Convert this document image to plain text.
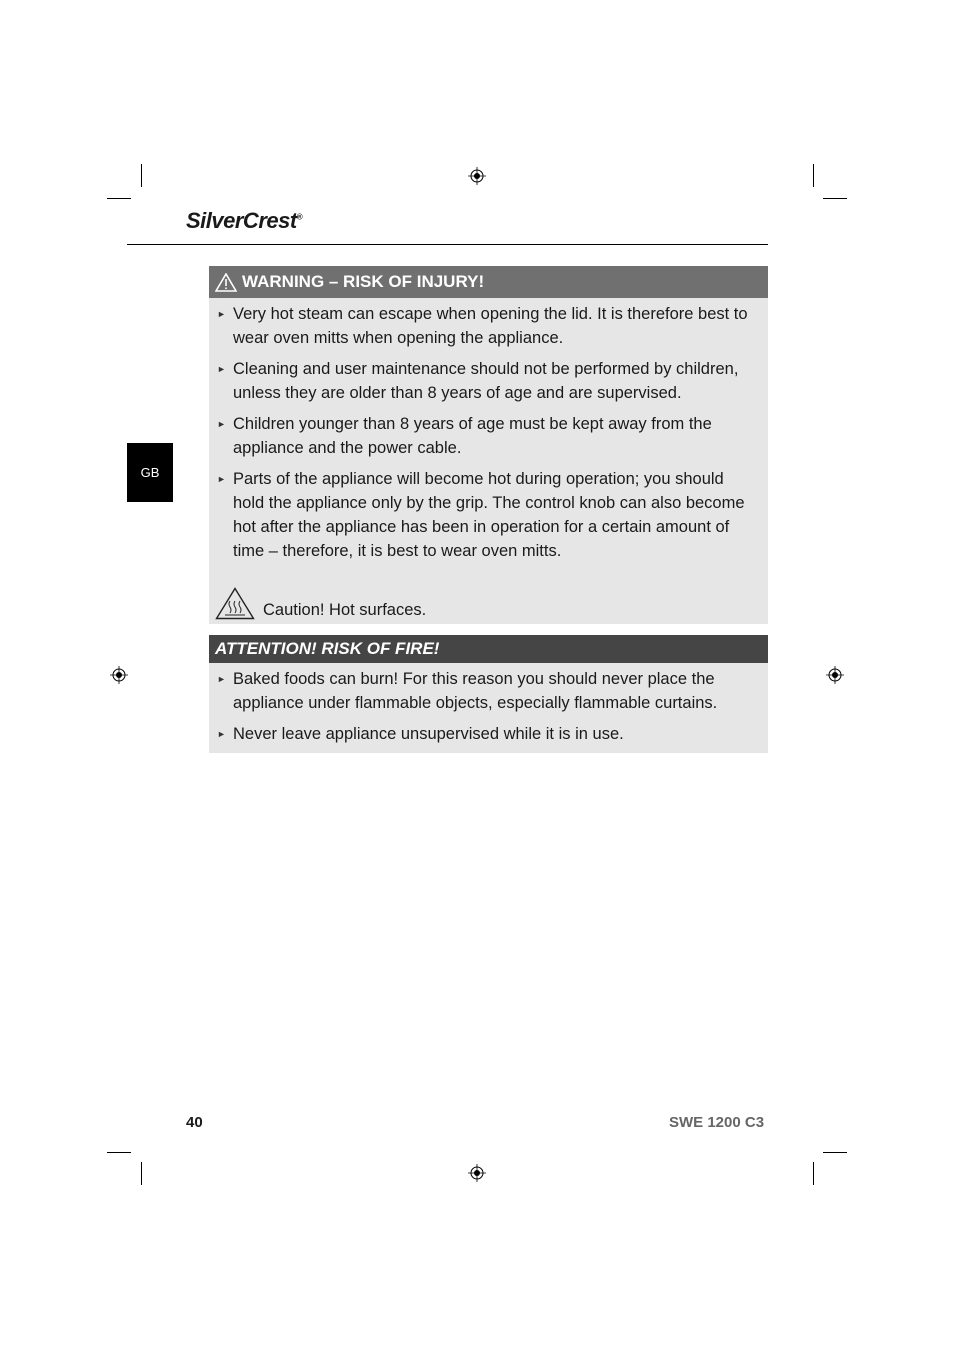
SilverCrest®
GB
WARNING – RISK OF INJURY!
► Very hot steam can escape when opening the lid. It is therefore best to wear oven mitts when opening the appliance.
► Cleaning and user maintenance should not be performed by children, unless they are older than 8 years of age and are supervised.
► Children younger than 8 years of age must be kept away from the appliance and the power cable.
► Parts of the appliance will become hot during operation; you should hold the appliance only by the grip. The control knob can also become hot after the appliance has been in operation for a certain amount of time – therefore, it is best to wear oven mitts.
Caution! Hot surfaces.
ATTENTION! RISK OF FIRE!
► Baked foods can burn! For this reason you should never place the appliance under flammable objects, especially flammable curtains.
► Never leave appliance unsupervised while it is in use.
40	SWE 1200 C3
